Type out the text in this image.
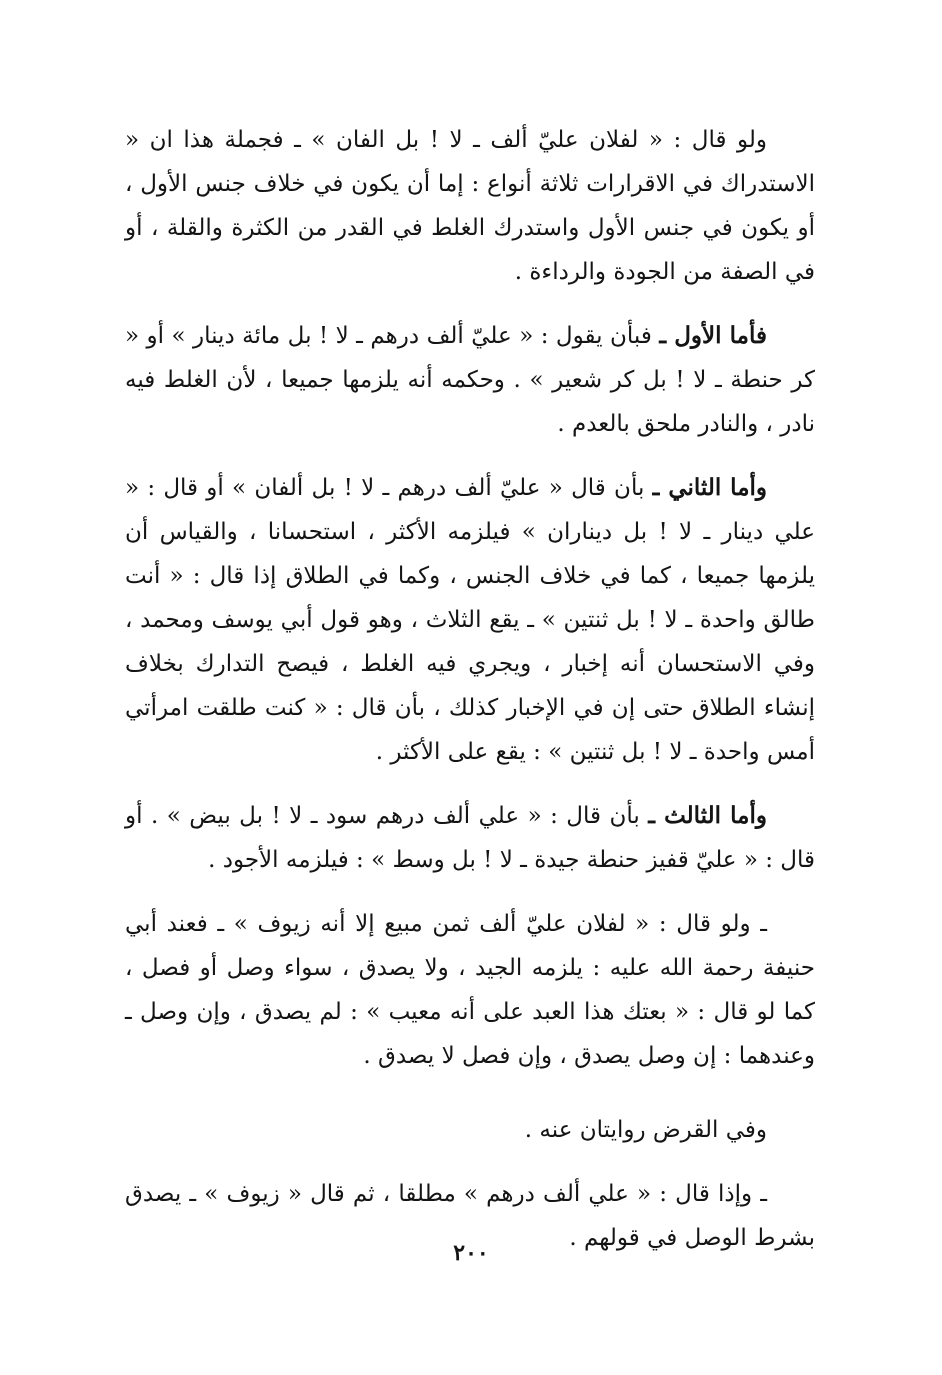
ولو قال : « لفلان عليّ ألف ـ لا ! بل الفان » ـ فجملة هذا ان « الاستدراك في الاقرارات ثلاثة أنواع : إما أن يكون في خلاف جنس الأول ، أو يكون في جنس الأول واستدرك الغلط في القدر من الكثرة والقلة ، أو في الصفة من الجودة والرداءة .

فأما الأول ـ فبأن يقول : « عليّ ألف درهم ـ لا ! بل مائة دينار » أو « كر حنطة ـ لا ! بل كر شعير » . وحكمه أنه يلزمها جميعا ، لأن الغلط فيه نادر ، والنادر ملحق بالعدم .

وأما الثاني ـ بأن قال « عليّ ألف درهم ـ لا ! بل ألفان » أو قال : « علي دينار ـ لا ! بل ديناران » فيلزمه الأكثر ، استحسانا ، والقياس أن يلزمها جميعا ، كما في خلاف الجنس ، وكما في الطلاق إذا قال : « أنت طالق واحدة ـ لا ! بل ثنتين » ـ يقع الثلاث ، وهو قول أبي يوسف ومحمد ، وفي الاستحسان أنه إخبار ، ويجري فيه الغلط ، فيصح التدارك بخلاف إنشاء الطلاق حتى إن في الإخبار كذلك ، بأن قال : « كنت طلقت امرأتي أمس واحدة ـ لا ! بل ثنتين » : يقع على الأكثر .

وأما الثالث ـ بأن قال : « علي ألف درهم سود ـ لا ! بل بيض » . أو قال : « عليّ قفيز حنطة جيدة ـ لا ! بل وسط » : فيلزمه الأجود .

ـ ولو قال : « لفلان عليّ ألف ثمن مبيع إلا أنه زيوف » ـ فعند أبي حنيفة رحمة الله عليه : يلزمه الجيد ، ولا يصدق ، سواء وصل أو فصل ، كما لو قال : « بعتك هذا العبد على أنه معيب » : لم يصدق ، وإن وصل ـ وعندهما : إن وصل يصدق ، وإن فصل لا يصدق .

وفي القرض روايتان عنه .

ـ وإذا قال : « علي ألف درهم » مطلقا ، ثم قال « زيوف » ـ يصدق بشرط الوصل في قولهم .

٢٠٠
